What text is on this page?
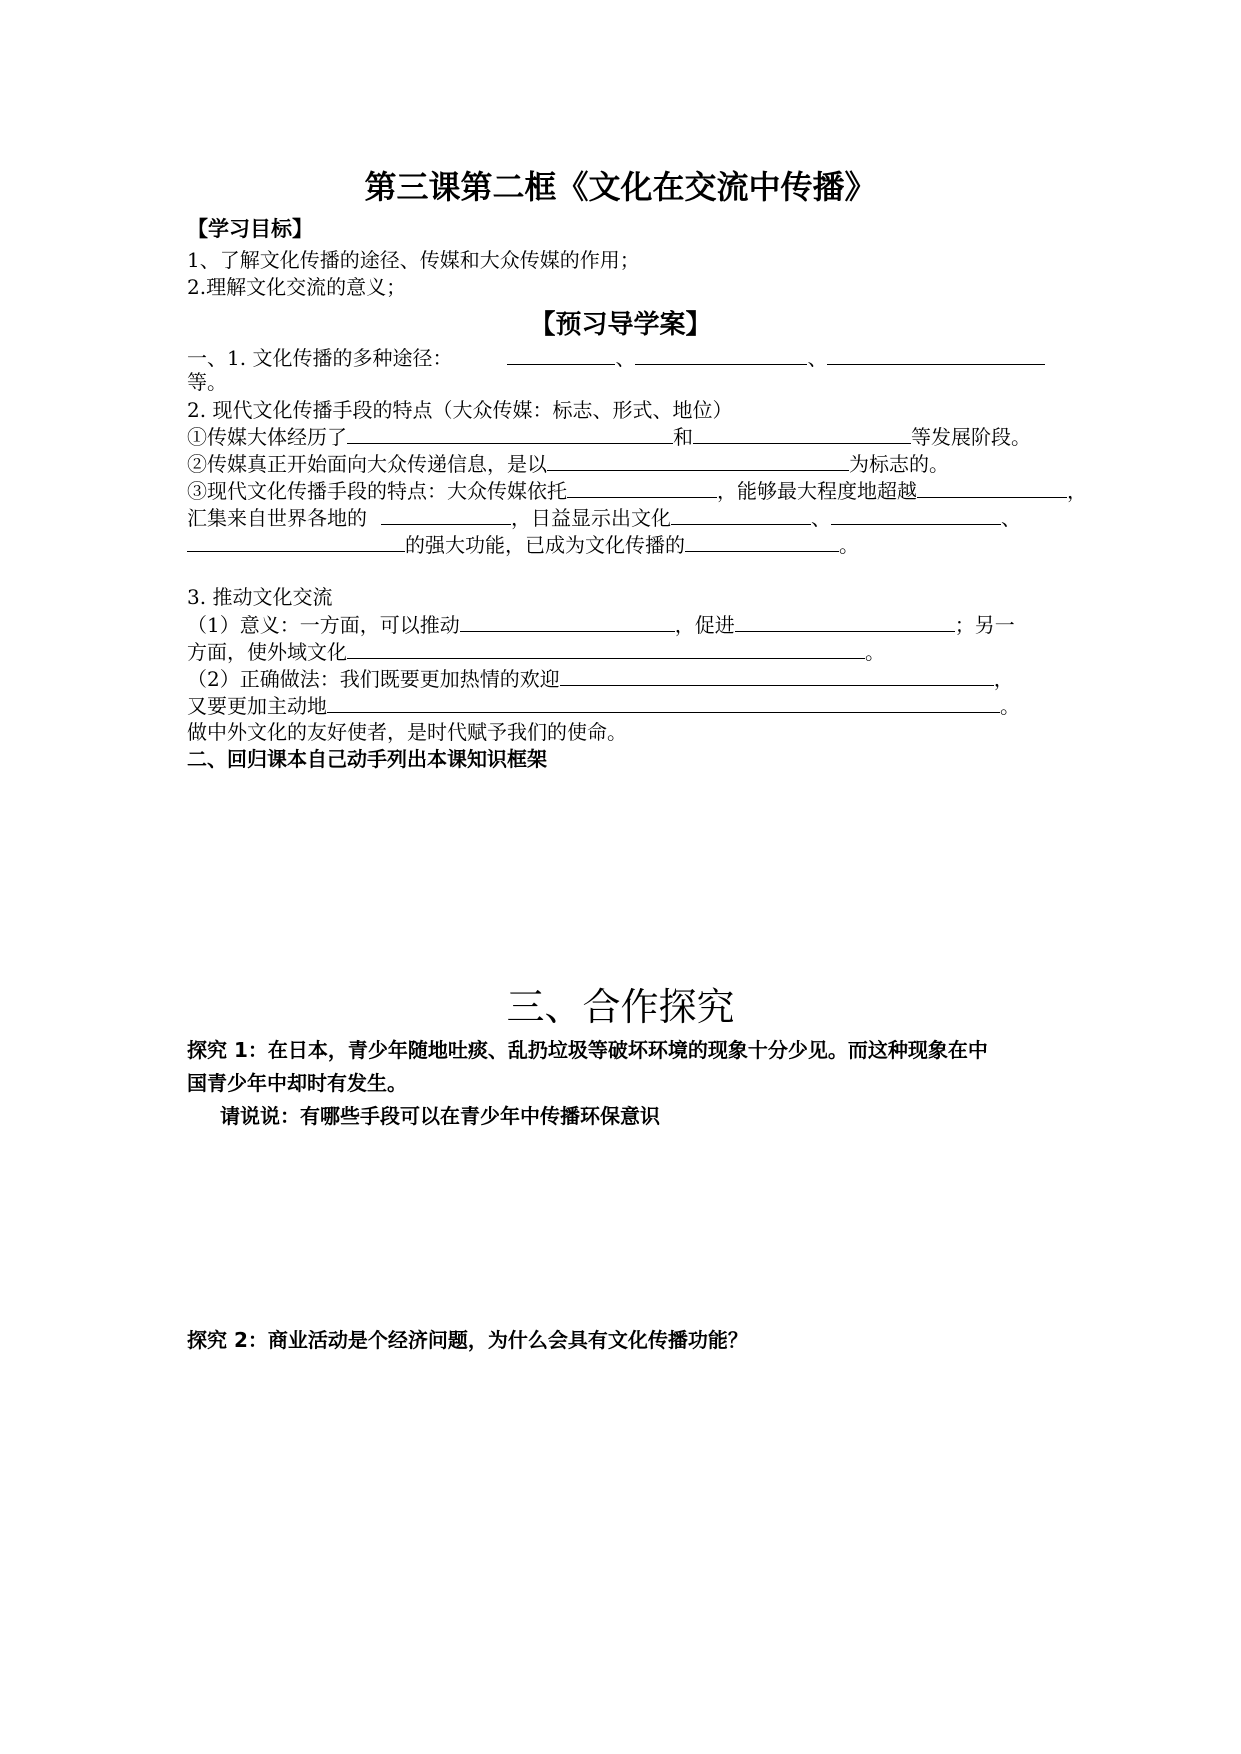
第三课第二框《文化在交流中传播》
【学习目标】
1、了解文化传播的途径、传媒和大众传媒的作用；
2.理解文化交流的意义；
【预习导学案】
一、1. 文化传播的多种途径：	、	、
等。
2. 现代文化传播手段的特点（大众传媒：标志、形式、地位）
①传媒大体经历了	和	等发展阶段。
②传媒真正开始面向大众传递信息，是以	为标志的。
③现代文化传播手段的特点：大众传媒依托	，能够最大程度地超越	，
汇集来自世界各地的	，日益显示出文化	、	、
的强大功能，已成为文化传播的	。
3. 推动文化交流
（1）意义：一方面，可以推动	，促进	；另一
方面，使外域文化	。
（2）正确做法：我们既要更加热情的欢迎	，
又要更加主动地	。
做中外文化的友好使者，是时代赋予我们的使命。
二、回归课本自己动手列出本课知识框架
三、合作探究
探究 1：在日本，青少年随地吐痰、乱扔垃圾等破坏环境的现象十分少见。而这种现象在中
国青少年中却时有发生。
请说说：有哪些手段可以在青少年中传播环保意识
探究 2：商业活动是个经济问题，为什么会具有文化传播功能？
